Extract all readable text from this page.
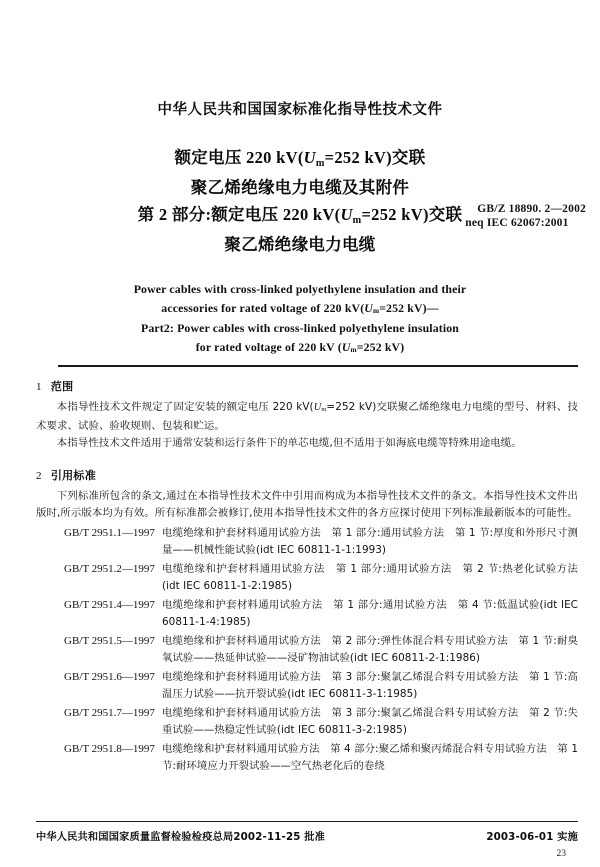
中华人民共和国国家标准化指导性技术文件
额定电压 220 $kV(U_m=252$ kV)交联
聚乙烯绝缘电力电缆及其附件
第 2 部分:额定电压 220 $kV(U_m=252$ kV)交联
聚乙烯绝缘电力电缆
GB/Z 18890. 2—2002
neq IEC 62067:2001
Power cables with cross-linked polyethylene insulation and their
accessories for rated voltage of 220 $kV(U_m=252$ kV)—
Part2: Power cables with cross-linked polyethylene insulation
for rated voltage of 220 kV ($U_m=252$ kV)
1 范围

本指导性技术文件规定了固定安装的额定电压 220 $kV(U_m=252$ kV)交联聚乙烯绝缘电力电缆的型号、材料、技术要求、试验、验收规则、包装和贮运。

本指导性技术文件适用于通常安装和运行条件下的单芯电缆,但不适用于如海底电缆等特殊用途电缆。

2 引用标准

下列标准所包含的条文,通过在本指导性技术文件中引用而构成为本指导性技术文件的条文。本指导性技术文件出版时,所示版本均为有效。所有标准都会被修订,使用本指导性技术文件的各方应探讨使用下列标准最新版本的可能性。

GB/T 2951.1—1997 电缆绝缘和护套材料通用试验方法　第 1 部分:通用试验方法　第 1 节:厚度和外形尺寸测量——机械性能试验(idt IEC 60811-1-1:1993)
GB/T 2951.2—1997 电缆绝缘和护套材料通用试验方法　第 1 部分:通用试验方法　第 2 节:热老化试验方法(idt IEC 60811-1-2:1985)
GB/T 2951.4—1997 电缆绝缘和护套材料通用试验方法　第 1 部分:通用试验方法　第 4 节:低温试验(idt IEC 60811-1-4:1985)
GB/T 2951.5—1997 电缆绝缘和护套材料通用试验方法　第 2 部分:弹性体混合料专用试验方法　第 1 节:耐臭氧试验——热延伸试验——浸矿物油试验(idt IEC 60811-2-1:1986)
GB/T 2951.6—1997 电缆绝缘和护套材料通用试验方法　第 3 部分:聚氯乙烯混合料专用试验方法　第 1 节:高温压力试验——抗开裂试验(idt IEC 60811-3-1:1985)
GB/T 2951.7—1997 电缆绝缘和护套材料通用试验方法　第 3 部分:聚氯乙烯混合料专用试验方法　第 2 节:失重试验——热稳定性试验(idt IEC 60811-3-2:1985)
GB/T 2951.8—1997 电缆绝缘和护套材料通用试验方法　第 4 部分:聚乙烯和聚丙烯混合料专用试验方法　第 1 节:耐环境应力开裂试验——空气热老化后的卷绕
中华人民共和国国家质量监督检验检疫总局2002-11-25 批准	2003-06-01 实施
23
